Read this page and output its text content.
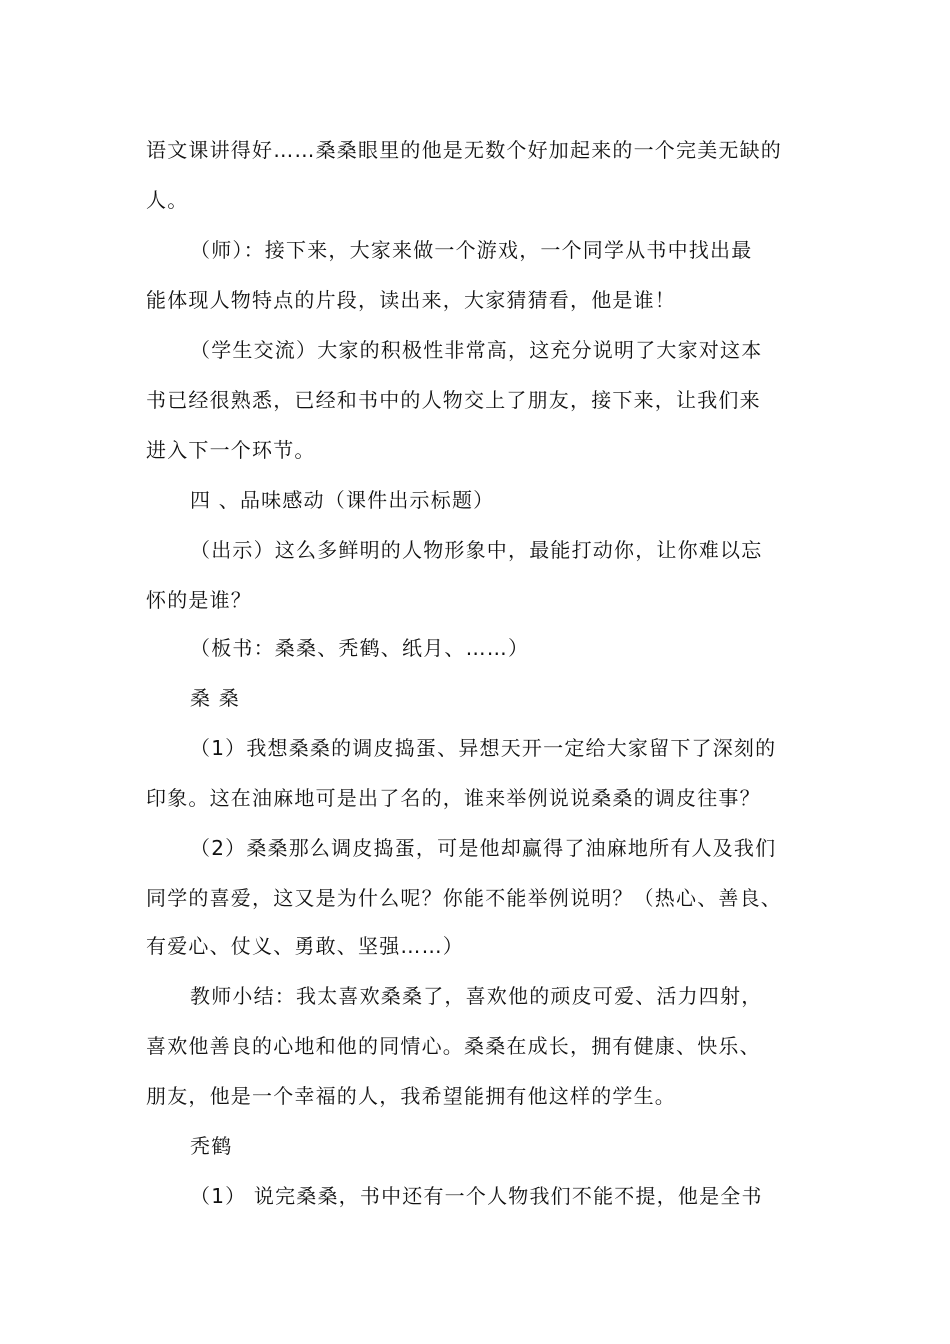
语文课讲得好……桑桑眼里的他是无数个好加起来的一个完美无缺的
人。
（师）：接下来，大家来做一个游戏，一个同学从书中找出最
能体现人物特点的片段，读出来，大家猜猜看，他是谁！
（学生交流）大家的积极性非常高，这充分说明了大家对这本
书已经很熟悉，已经和书中的人物交上了朋友，接下来，让我们来
进入下一个环节。
四 、品味感动（课件出示标题）
（出示）这么多鲜明的人物形象中，最能打动你，让你难以忘
怀的是谁？
（板书：桑桑、秃鹤、纸月、……）
桑 桑
（1）我想桑桑的调皮捣蛋、异想天开一定给大家留下了深刻的
印象。这在油麻地可是出了名的，谁来举例说说桑桑的调皮往事？
（2）桑桑那么调皮捣蛋，可是他却赢得了油麻地所有人及我们
同学的喜爱，这又是为什么呢？你能不能举例说明？（热心、善良、
有爱心、仗义、勇敢、坚强……）
教师小结：我太喜欢桑桑了，喜欢他的顽皮可爱、活力四射，
喜欢他善良的心地和他的同情心。桑桑在成长，拥有健康、快乐、
朋友，他是一个幸福的人，我希望能拥有他这样的学生。
秃鹤
（1） 说完桑桑，书中还有一个人物我们不能不提，他是全书
